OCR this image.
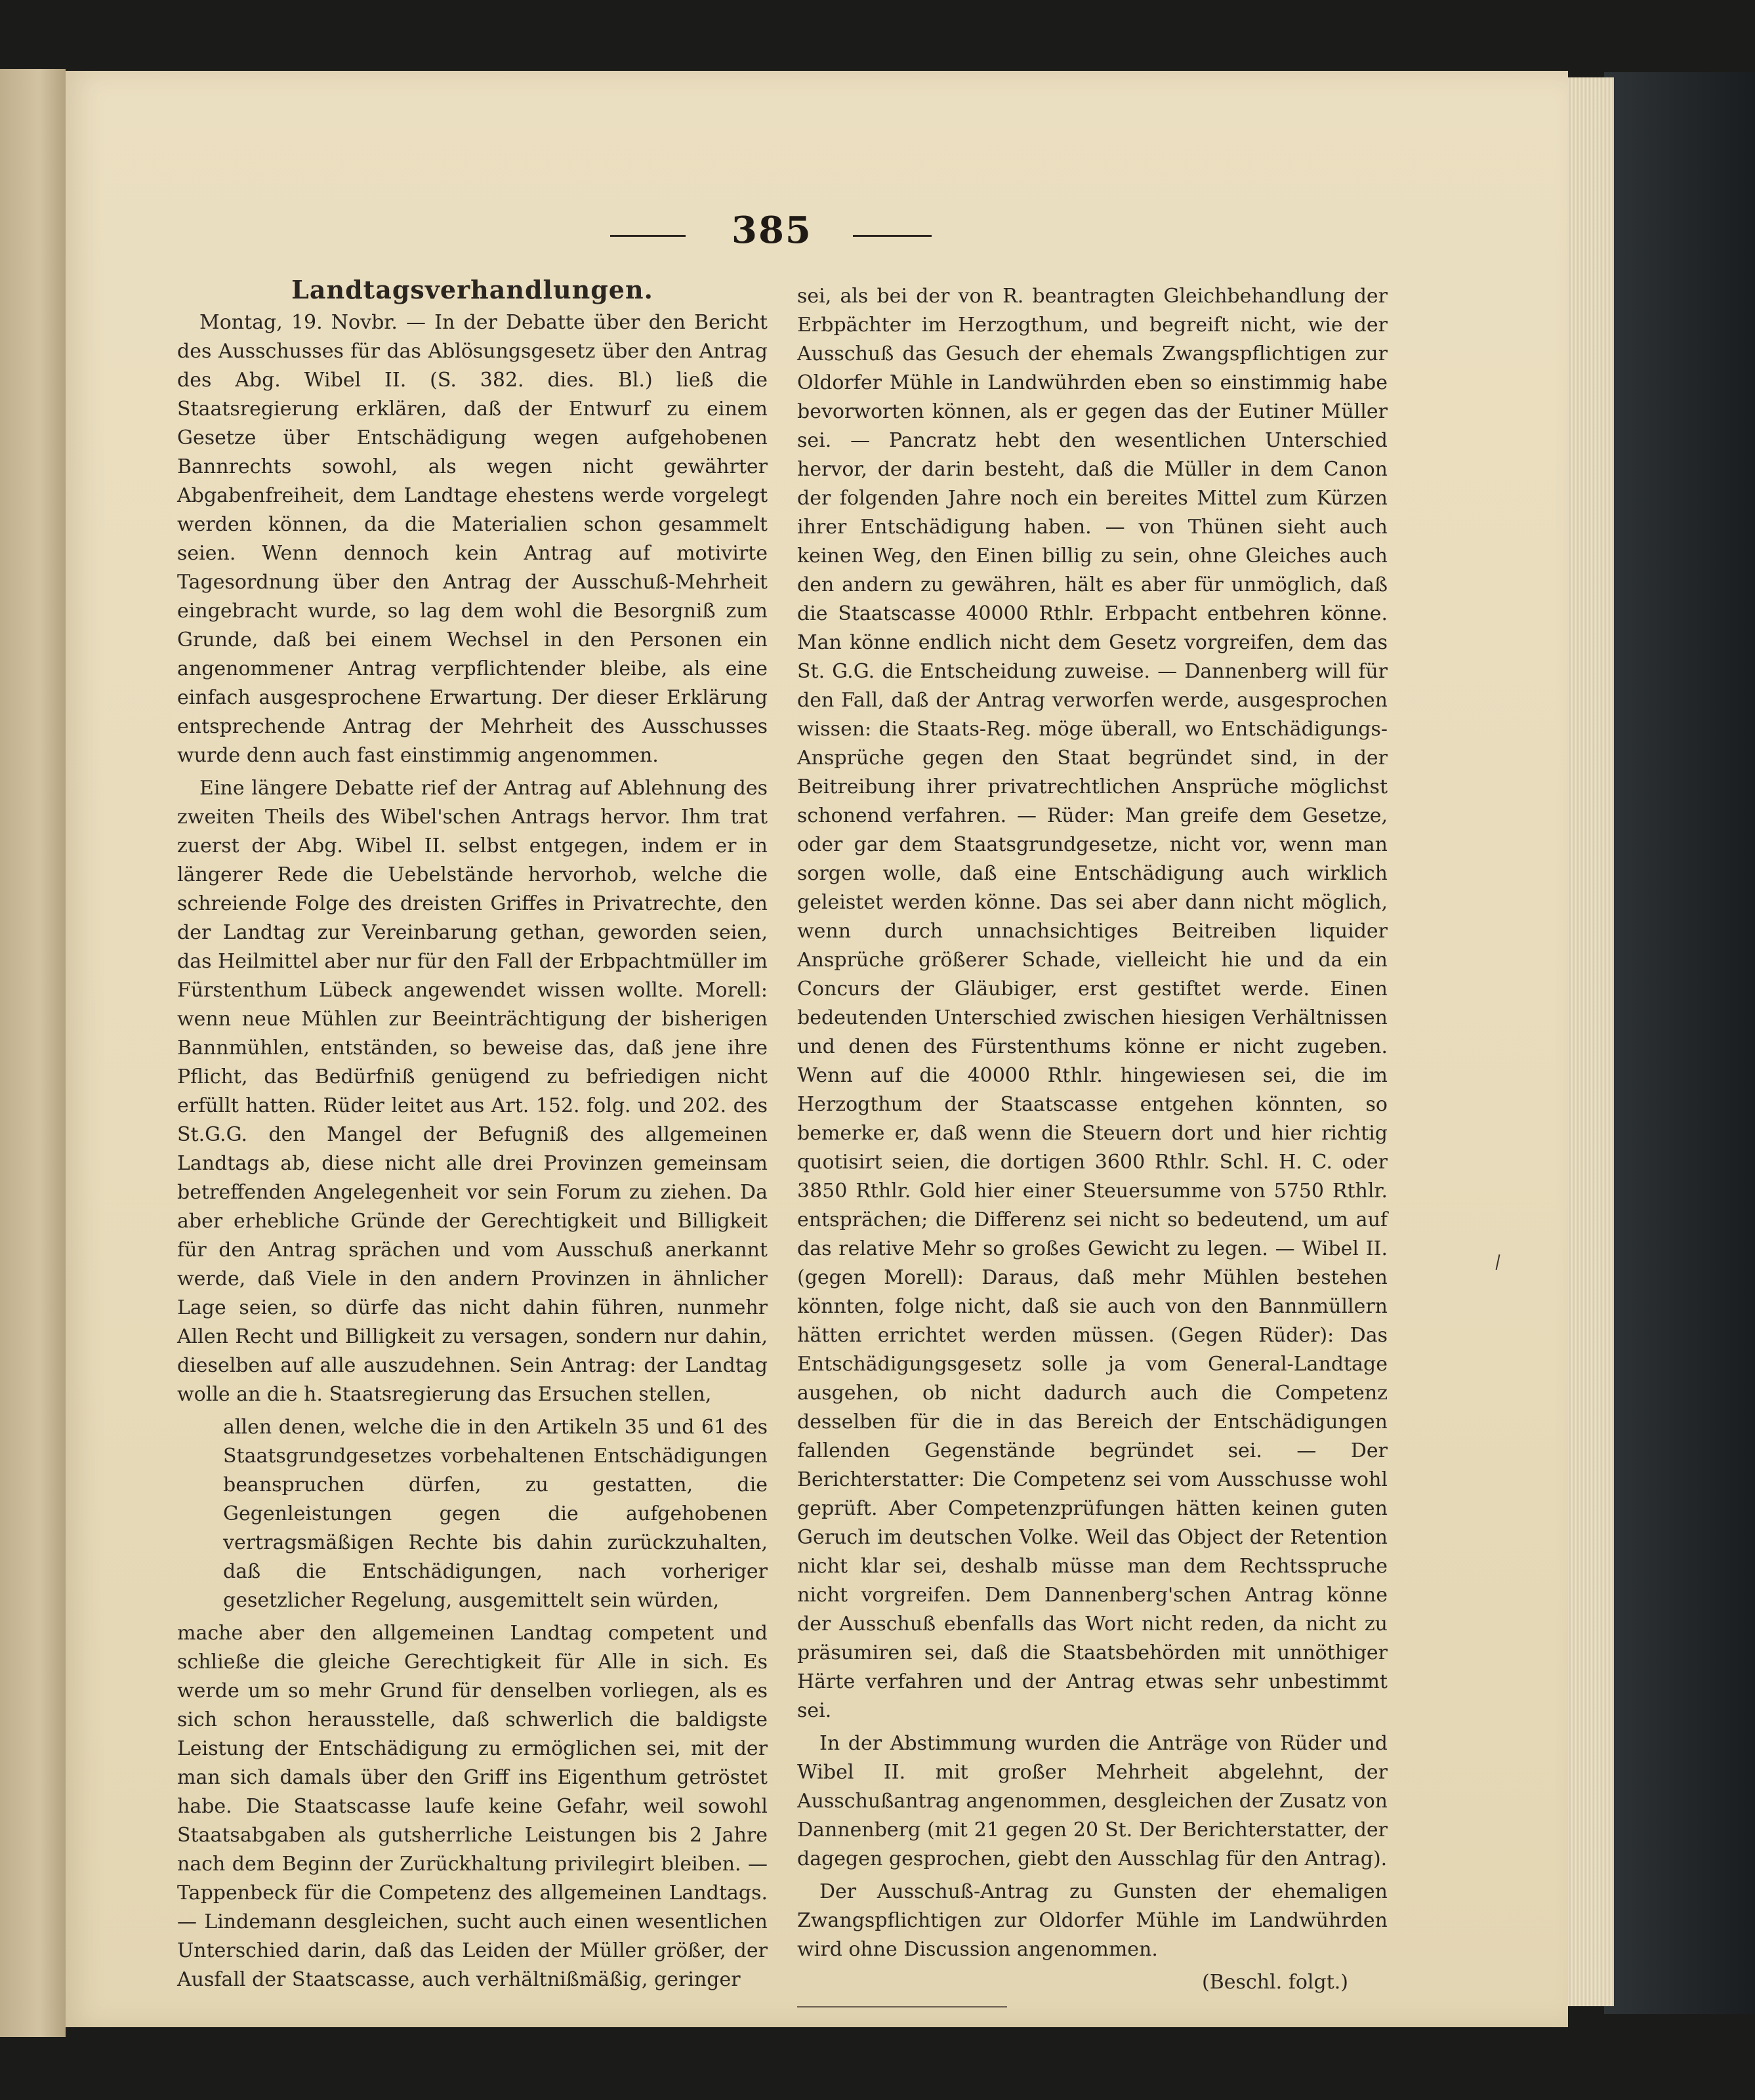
385

Landtagsverhandlungen.

Montag, 19. Novbr. — In der Debatte über den Bericht des Ausschusses für das Ablösungsgesetz über den Antrag des Abg. Wibel II. (S. 382. dies. Bl.) ließ die Staatsregierung erklären, daß der Entwurf zu einem Gesetze über Entschädigung wegen aufgehobenen Bannrechts sowohl, als wegen nicht gewährter Abgabenfreiheit, dem Landtage ehestens werde vorgelegt werden können, da die Materialien schon gesammelt seien. Wenn dennoch kein Antrag auf motivirte Tagesordnung über den Antrag der Ausschuß-Mehrheit eingebracht wurde, so lag dem wohl die Besorgniß zum Grunde, daß bei einem Wechsel in den Personen ein angenommener Antrag verpflichtender bleibe, als eine einfach ausgesprochene Erwartung. Der dieser Erklärung entsprechende Antrag der Mehrheit des Ausschusses wurde denn auch fast einstimmig angenommen.

Eine längere Debatte rief der Antrag auf Ablehnung des zweiten Theils des Wibel'schen Antrags hervor. Ihm trat zuerst der Abg. Wibel II. selbst entgegen, indem er in längerer Rede die Uebelstände hervorhob, welche die schreiende Folge des dreisten Griffes in Privatrechte, den der Landtag zur Vereinbarung gethan, geworden seien, das Heilmittel aber nur für den Fall der Erbpachtmüller im Fürstenthum Lübeck angewendet wissen wollte. Morell: wenn neue Mühlen zur Beeinträchtigung der bisherigen Bannmühlen, entständen, so beweise das, daß jene ihre Pflicht, das Bedürfniß genügend zu befriedigen nicht erfüllt hatten. Rüder leitet aus Art. 152. folg. und 202. des St.G.G. den Mangel der Befugniß des allgemeinen Landtags ab, diese nicht alle drei Provinzen gemeinsam betreffenden Angelegenheit vor sein Forum zu ziehen. Da aber erhebliche Gründe der Gerechtigkeit und Billigkeit für den Antrag sprächen und vom Ausschuß anerkannt werde, daß Viele in den andern Provinzen in ähnlicher Lage seien, so dürfe das nicht dahin führen, nunmehr Allen Recht und Billigkeit zu versagen, sondern nur dahin, dieselben auf alle auszudehnen. Sein Antrag: der Landtag wolle an die h. Staatsregierung das Ersuchen stellen,

allen denen, welche die in den Artikeln 35 und 61 des Staatsgrundgesetzes vorbehaltenen Entschädigungen beanspruchen dürfen, zu gestatten, die Gegenleistungen gegen die aufgehobenen vertragsmäßigen Rechte bis dahin zurückzuhalten, daß die Entschädigungen, nach vorheriger gesetzlicher Regelung, ausgemittelt sein würden,

mache aber den allgemeinen Landtag competent und schließe die gleiche Gerechtigkeit für Alle in sich. Es werde um so mehr Grund für denselben vorliegen, als es sich schon herausstelle, daß schwerlich die baldigste Leistung der Entschädigung zu ermöglichen sei, mit der man sich damals über den Griff ins Eigenthum getröstet habe. Die Staatscasse laufe keine Gefahr, weil sowohl Staatsabgaben als gutsherrliche Leistungen bis 2 Jahre nach dem Beginn der Zurückhaltung privilegirt bleiben. — Tappenbeck für die Competenz des allgemeinen Landtags. — Lindemann desgleichen, sucht auch einen wesentlichen Unterschied darin, daß das Leiden der Müller größer, der Ausfall der Staatscasse, auch verhältnißmäßig, geringer

sei, als bei der von R. beantragten Gleichbehandlung der Erbpächter im Herzogthum, und begreift nicht, wie der Ausschuß das Gesuch der ehemals Zwangspflichtigen zur Oldorfer Mühle in Landwührden eben so einstimmig habe bevorworten können, als er gegen das der Eutiner Müller sei. — Pancratz hebt den wesentlichen Unterschied hervor, der darin besteht, daß die Müller in dem Canon der folgenden Jahre noch ein bereites Mittel zum Kürzen ihrer Entschädigung haben. — von Thünen sieht auch keinen Weg, den Einen billig zu sein, ohne Gleiches auch den andern zu gewähren, hält es aber für unmöglich, daß die Staatscasse 40000 Rthlr. Erbpacht entbehren könne. Man könne endlich nicht dem Gesetz vorgreifen, dem das St. G.G. die Entscheidung zuweise. — Dannenberg will für den Fall, daß der Antrag verworfen werde, ausgesprochen wissen: die Staats-Reg. möge überall, wo Entschädigungs-Ansprüche gegen den Staat begründet sind, in der Beitreibung ihrer privatrechtlichen Ansprüche möglichst schonend verfahren. — Rüder: Man greife dem Gesetze, oder gar dem Staatsgrundgesetze, nicht vor, wenn man sorgen wolle, daß eine Entschädigung auch wirklich geleistet werden könne. Das sei aber dann nicht möglich, wenn durch unnachsichtiges Beitreiben liquider Ansprüche größerer Schade, vielleicht hie und da ein Concurs der Gläubiger, erst gestiftet werde. Einen bedeutenden Unterschied zwischen hiesigen Verhältnissen und denen des Fürstenthums könne er nicht zugeben. Wenn auf die 40000 Rthlr. hingewiesen sei, die im Herzogthum der Staatscasse entgehen könnten, so bemerke er, daß wenn die Steuern dort und hier richtig quotisirt seien, die dortigen 3600 Rthlr. Schl. H. C. oder 3850 Rthlr. Gold hier einer Steuersumme von 5750 Rthlr. entsprächen; die Differenz sei nicht so bedeutend, um auf das relative Mehr so großes Gewicht zu legen. — Wibel II. (gegen Morell): Daraus, daß mehr Mühlen bestehen könnten, folge nicht, daß sie auch von den Bannmüllern hätten errichtet werden müssen. (Gegen Rüder): Das Entschädigungsgesetz solle ja vom General-Landtage ausgehen, ob nicht dadurch auch die Competenz desselben für die in das Bereich der Entschädigungen fallenden Gegenstände begründet sei. — Der Berichterstatter: Die Competenz sei vom Ausschusse wohl geprüft. Aber Competenzprüfungen hätten keinen guten Geruch im deutschen Volke. Weil das Object der Retention nicht klar sei, deshalb müsse man dem Rechtsspruche nicht vorgreifen. Dem Dannenberg'schen Antrag könne der Ausschuß ebenfalls das Wort nicht reden, da nicht zu präsumiren sei, daß die Staatsbehörden mit unnöthiger Härte verfahren und der Antrag etwas sehr unbestimmt sei.

In der Abstimmung wurden die Anträge von Rüder und Wibel II. mit großer Mehrheit abgelehnt, der Ausschußantrag angenommen, desgleichen der Zusatz von Dannenberg (mit 21 gegen 20 St. Der Berichterstatter, der dagegen gesprochen, giebt den Ausschlag für den Antrag).

Der Ausschuß-Antrag zu Gunsten der ehemaligen Zwangspflichtigen zur Oldorfer Mühle im Landwührden wird ohne Discussion angenommen.

(Beschl. folgt.)
